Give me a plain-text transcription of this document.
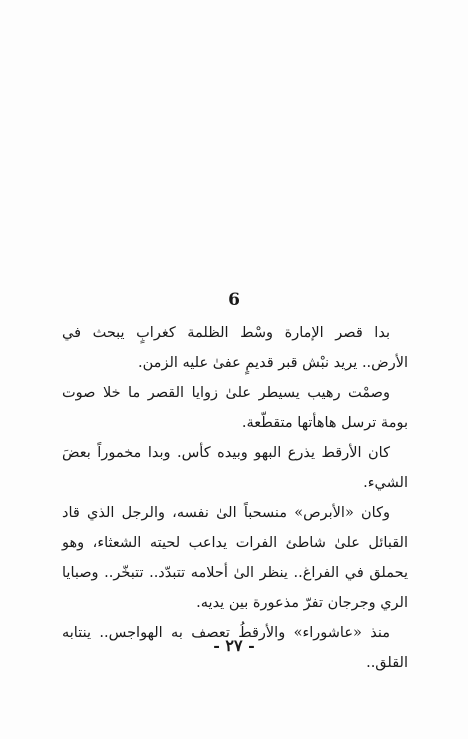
6

بدا قصر الإمارة وسْط الظلمة كغرابٍ يبحث في الأرض.. يريد نبْش قبر قديمٍ عفىٰ عليه الزمن.

وصمْت رهيب يسيطر علىٰ زوايا القصر ما خلا صوت بومة ترسل هاهأتها متقطّعة.

كان الأرقط يذرع البهو وبيده كأس. وبدا مخموراً بعضَ الشيء.

وكان «الأبرص» منسحباً الىٰ نفسه، والرجل الذي قاد القبائل علىٰ شاطئ الفرات يداعب لحيته الشعثاء، وهو يحملق في الفراغ.. ينظر الىٰ أحلامه تتبدّد.. تتبخّر.. وصبايا الري وجرجان تفرّ مذعورة بين يديه.

منذ «عاشوراء» والأرقطُ تعصف به الهواجس.. ينتابه القلق..

- ٢٧ -
